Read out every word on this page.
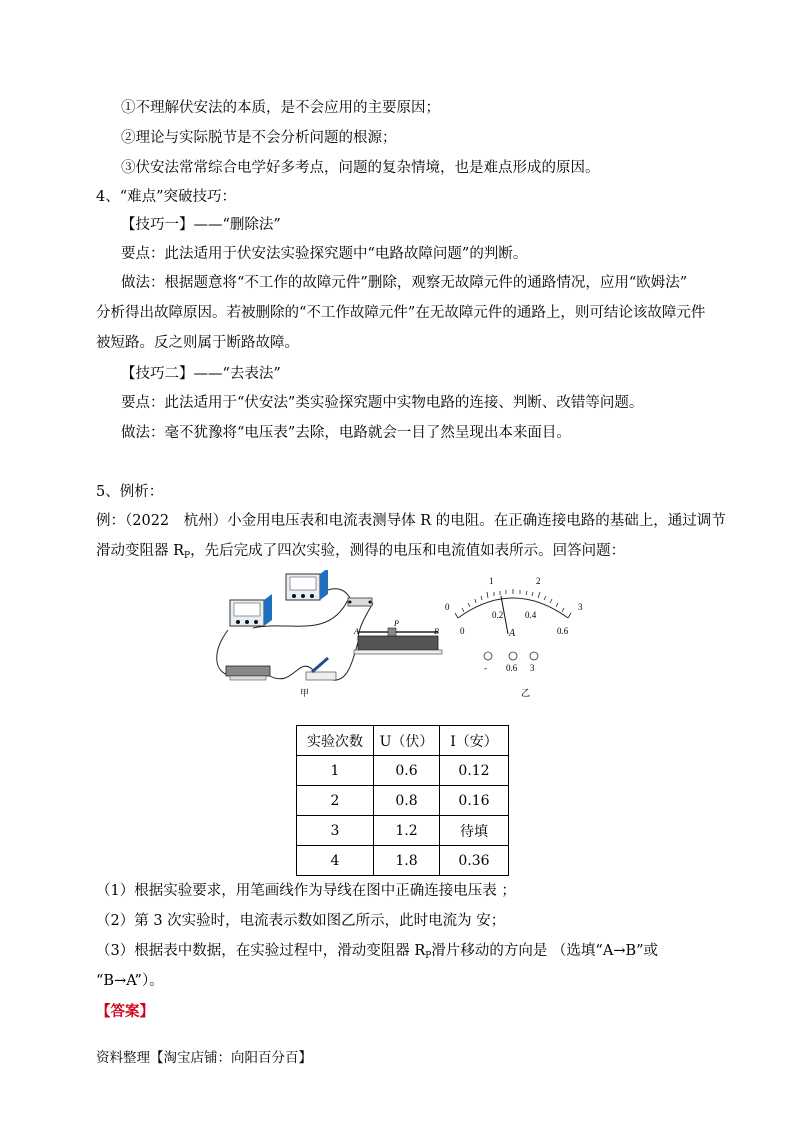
①不理解伏安法的本质，是不会应用的主要原因；
②理论与实际脱节是不会分析问题的根源；
③伏安法常常综合电学好多考点，问题的复杂情境，也是难点形成的原因。
4、“难点”突破技巧：
【技巧一】——“删除法”
要点：此法适用于伏安法实验探究题中“电路故障问题”的判断。
做法：根据题意将“不工作的故障元件”删除，观察无故障元件的通路情况，应用“欧姆法”
分析得出故障原因。若被删除的“不工作故障元件”在无故障元件的通路上，则可结论该故障元件
被短路。反之则属于断路故障。
【技巧二】——“去表法”
要点：此法适用于“伏安法”类实验探究题中实物电路的连接、判断、改错等问题。
做法：毫不犹豫将“电压表”去除，电路就会一目了然呈现出本来面目。
5、例析：
例：（2022　杭州）小金用电压表和电流表测导体 R 的电阻。在正确连接电路的基础上，通过调节
滑动变阻器 $R_P$，先后完成了四次实验，测得的电压和电流值如表所示。回答问题：
A	B
P
甲
0
1	2
3
0
0.2 0.4
0.6
A
- 0.6 3
乙
实验次数	U（伏）	I（安）
1	0.6	0.12
2	0.8	0.16
3	1.2	待填
4	1.8	0.36
（1）根据实验要求，用笔画线作为导线在图中正确连接电压表 ；
（2）第 3 次实验时，电流表示数如图乙所示，此时电流为 安；
（3）根据表中数据，在实验过程中，滑动变阻器 $R_P$滑片移动的方向是 （选填“A→B”或
“B→A”）。
【答案】
资料整理【淘宝店铺：向阳百分百】
